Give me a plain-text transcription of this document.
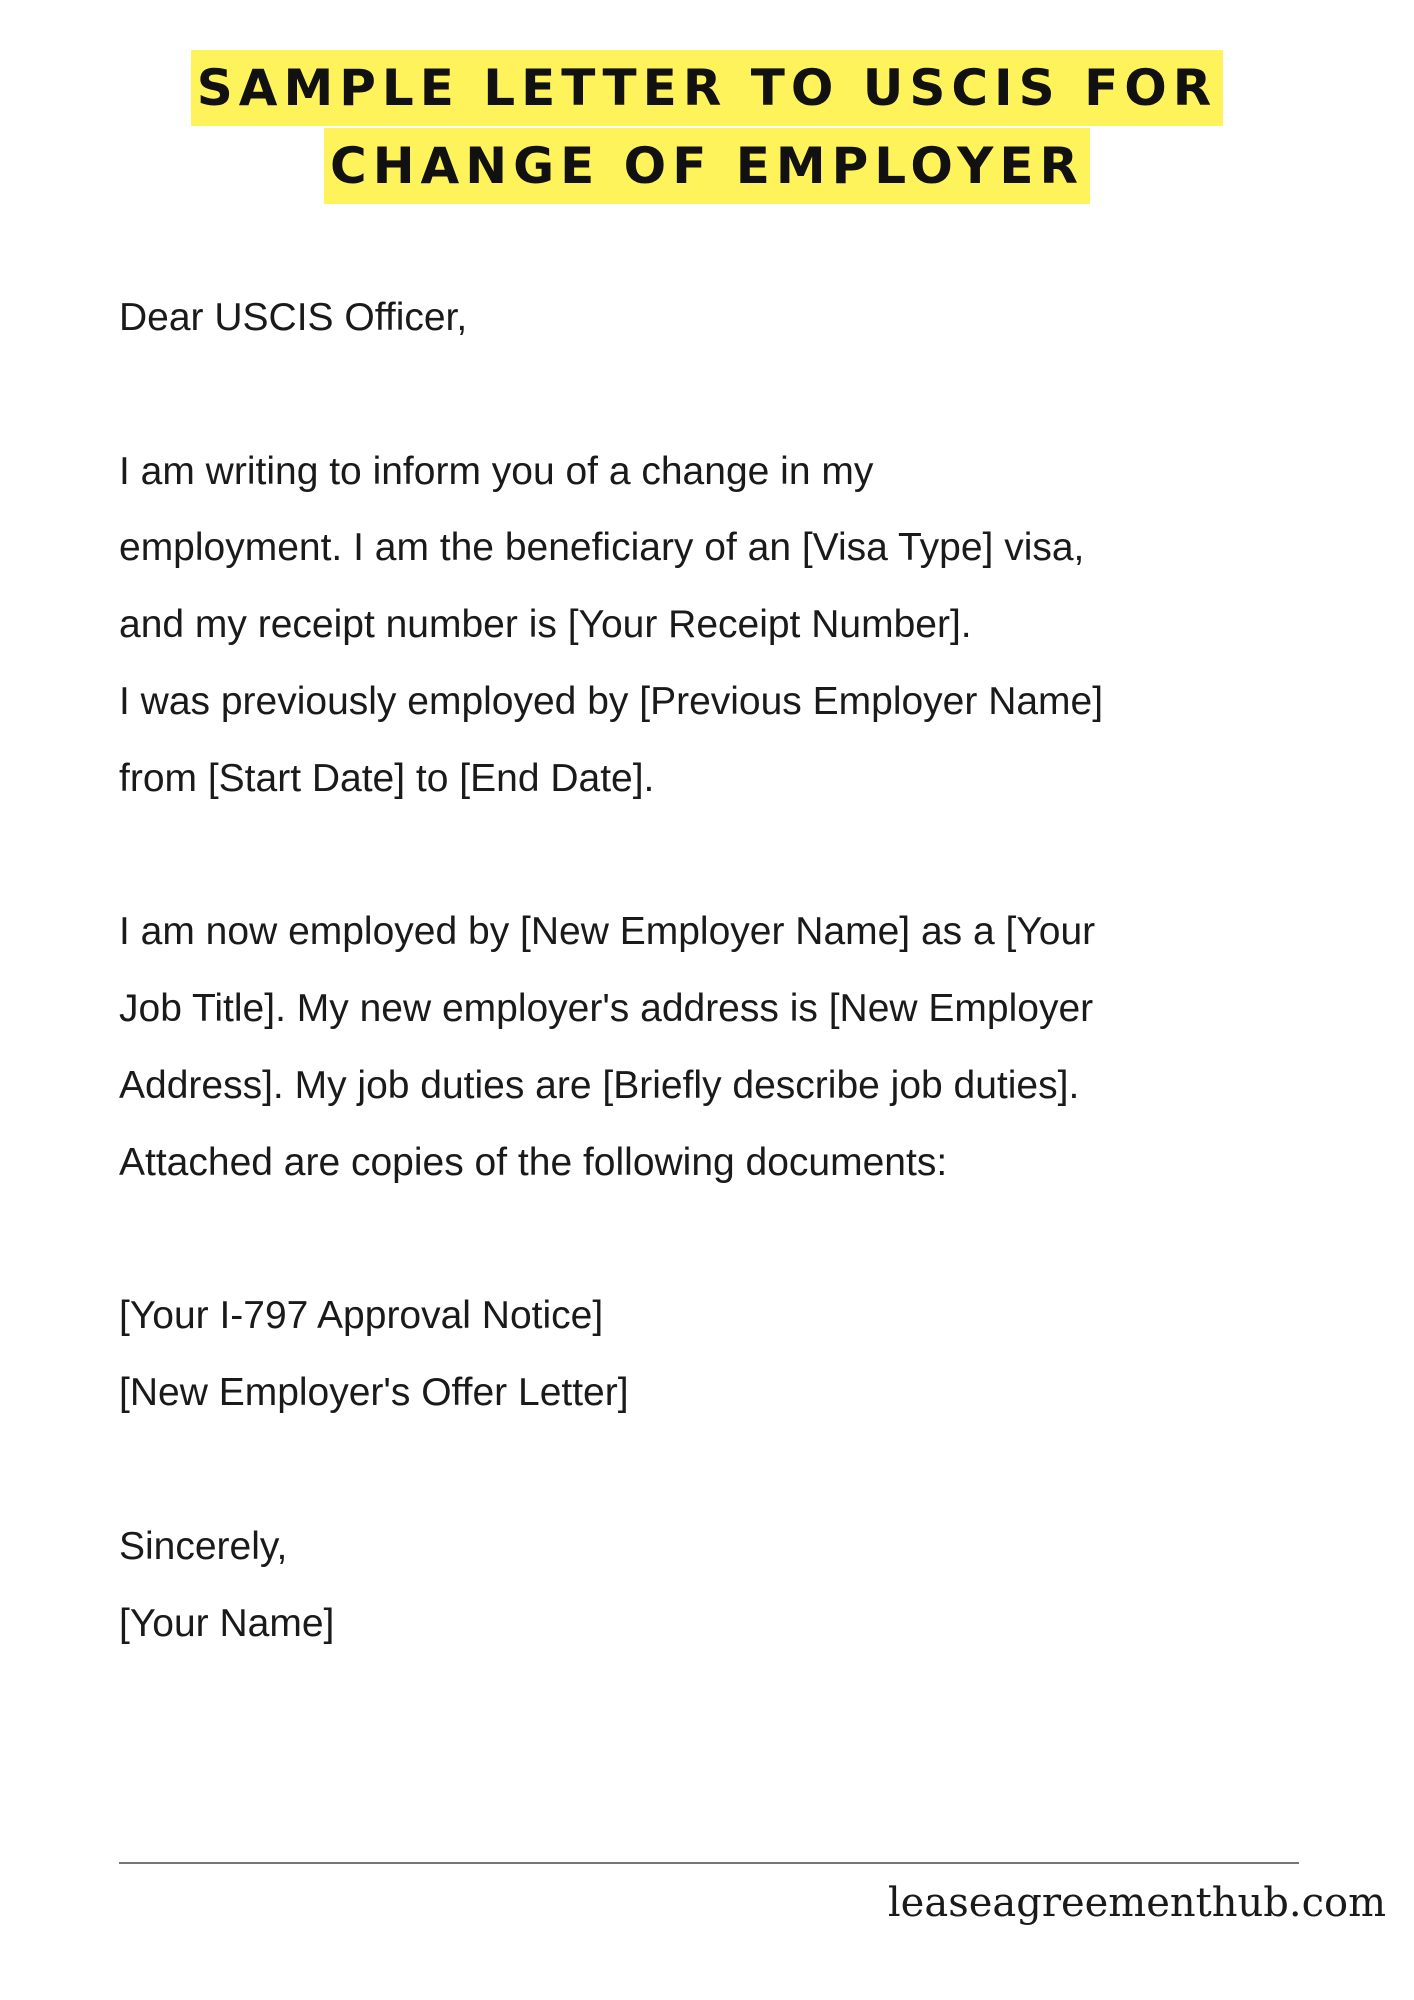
SAMPLE LETTER TO USCIS FOR
CHANGE OF EMPLOYER

Dear USCIS Officer,

I am writing to inform you of a change in my

employment. I am the beneficiary of an [Visa Type] visa,

and my receipt number is [Your Receipt Number].

I was previously employed by [Previous Employer Name]

from [Start Date] to [End Date].

I am now employed by [New Employer Name] as a [Your

Job Title]. My new employer's address is [New Employer

Address]. My job duties are [Briefly describe job duties].

Attached are copies of the following documents:

[Your I-797 Approval Notice]

[New Employer's Offer Letter]

Sincerely,

[Your Name]

leaseagreementhub.com
